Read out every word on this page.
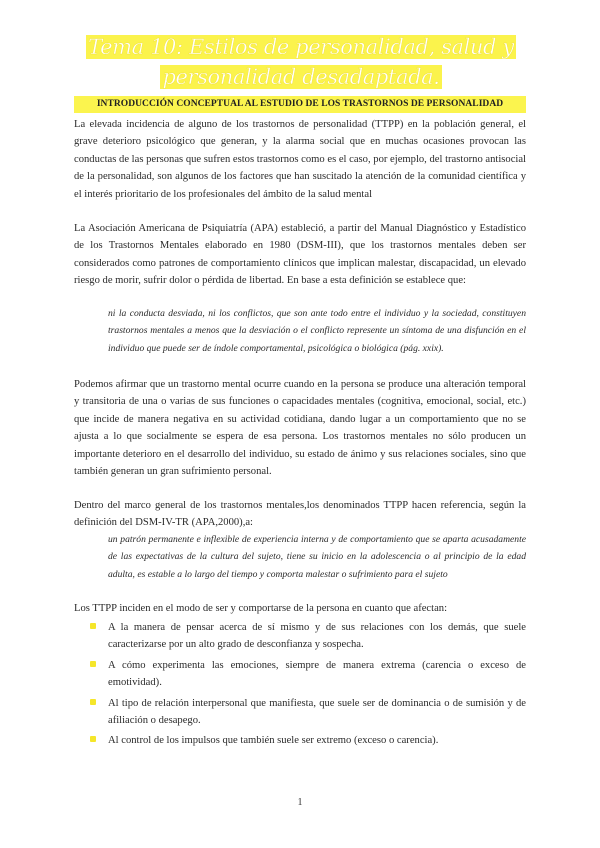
Tema 10: Estilos de personalidad, salud y personalidad desadaptada.
INTRODUCCIÓN CONCEPTUAL AL ESTUDIO DE LOS TRASTORNOS DE PERSONALIDAD

La elevada incidencia de alguno de los trastornos de personalidad (TTPP) en la población general, el grave deterioro psicológico que generan, y la alarma social que en muchas ocasiones provocan las conductas de las personas que sufren estos trastornos como es el caso, por ejemplo, del trastorno antisocial de la personalidad, son algunos de los factores que han suscitado la atención de la comunidad científica y el interés prioritario de los profesionales del ámbito de la salud mental

La Asociación Americana de Psiquiatría (APA) estableció, a partir del Manual Diagnóstico y Estadístico de los Trastornos Mentales elaborado en 1980 (DSM-III), que los trastornos mentales deben ser considerados como patrones de comportamiento clínicos que implican malestar, discapacidad, un elevado riesgo de morir, sufrir dolor o pérdida de libertad. En base a esta definición se establece que:

ni la conducta desviada, ni los conflictos, que son ante todo entre el individuo y la sociedad, constituyen trastornos mentales a menos que la desviación o el conflicto represente un síntoma de una disfunción en el individuo que puede ser de índole comportamental, psicológica o biológica (pág. xxix).

Podemos afirmar que un trastorno mental ocurre cuando en la persona se produce una alteración temporal y transitoria de una o varias de sus funciones o capacidades mentales (cognitiva, emocional, social, etc.) que incide de manera negativa en su actividad cotidiana, dando lugar a un comportamiento que no se ajusta a lo que socialmente se espera de esa persona. Los trastornos mentales no sólo producen un importante deterioro en el desarrollo del individuo, su estado de ánimo y sus relaciones sociales, sino que también generan un gran sufrimiento personal.

Dentro del marco general de los trastornos mentales,los denominados TTPP hacen referencia, según la definición del DSM-IV-TR (APA,2000),a:

un patrón permanente e inflexible de experiencia interna y de comportamiento que se aparta acusadamente de las expectativas de la cultura del sujeto, tiene su inicio en la adolescencia o al principio de la edad adulta, es estable a lo largo del tiempo y comporta malestar o sufrimiento para el sujeto

Los TTPP inciden en el modo de ser y comportarse de la persona en cuanto que afectan:

A la manera de pensar acerca de sí mismo y de sus relaciones con los demás, que suele caracterizarse por un alto grado de desconfianza y sospecha.
A cómo experimenta las emociones, siempre de manera extrema (carencia o exceso de emotividad).
Al tipo de relación interpersonal que manifiesta, que suele ser de dominancia o de sumisión y de afiliación o desapego.
Al control de los impulsos que también suele ser extremo (exceso o carencia).
1
